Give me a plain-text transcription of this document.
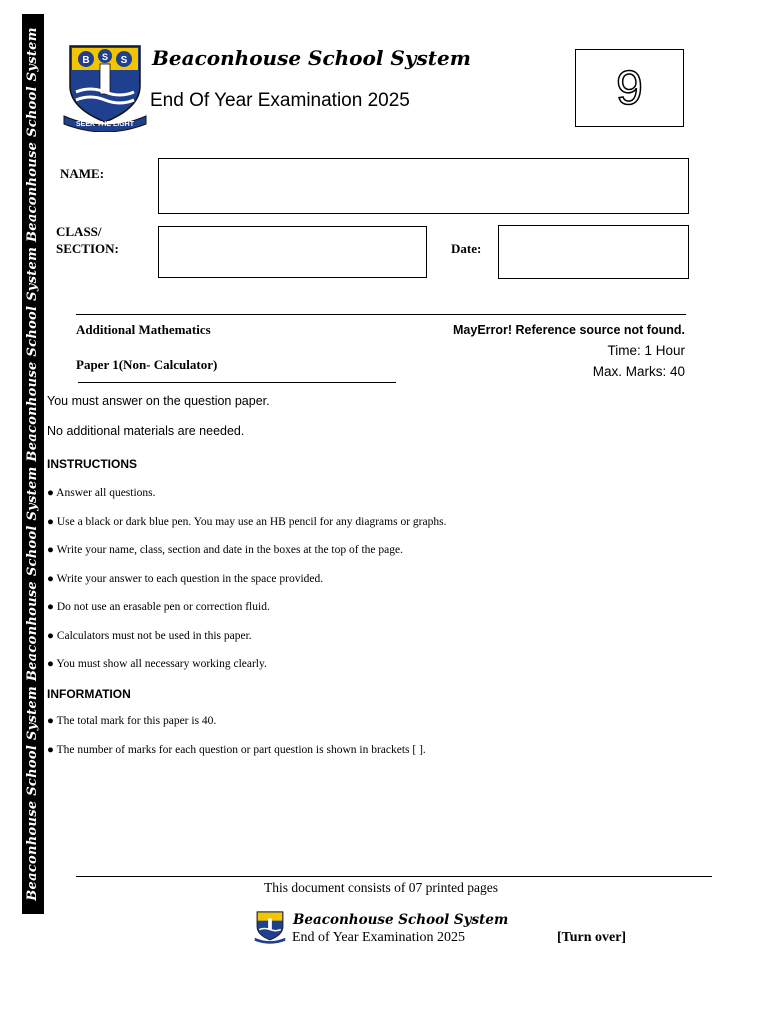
Beaconhouse School System Beaconhouse School System Beaconhouse School System Beaconhouse School System	B S S
SEEK THE LIGHT
Beaconhouse School System
End Of Year Examination 2025	9
NAME:
CLASS/
SECTION:	Date:
Additional Mathematics
Paper 1(Non- Calculator)
MayError! Reference source not found.
Time: 1 Hour
Max. Marks: 40
You must answer on the question paper.
No additional materials are needed.
INSTRUCTIONS
● Answer all questions.
● Use a black or dark blue pen. You may use an HB pencil for any diagrams or graphs.
● Write your name, class, section and date in the boxes at the top of the page.
● Write your answer to each question in the space provided.
● Do not use an erasable pen or correction fluid.
● Calculators must not be used in this paper.
● You must show all necessary working clearly.
INFORMATION
● The total mark for this paper is 40.
● The number of marks for each question or part question is shown in brackets [ ].
This document consists of 07 printed pages
Beaconhouse School System
End of Year Examination 2025	[Turn over]
